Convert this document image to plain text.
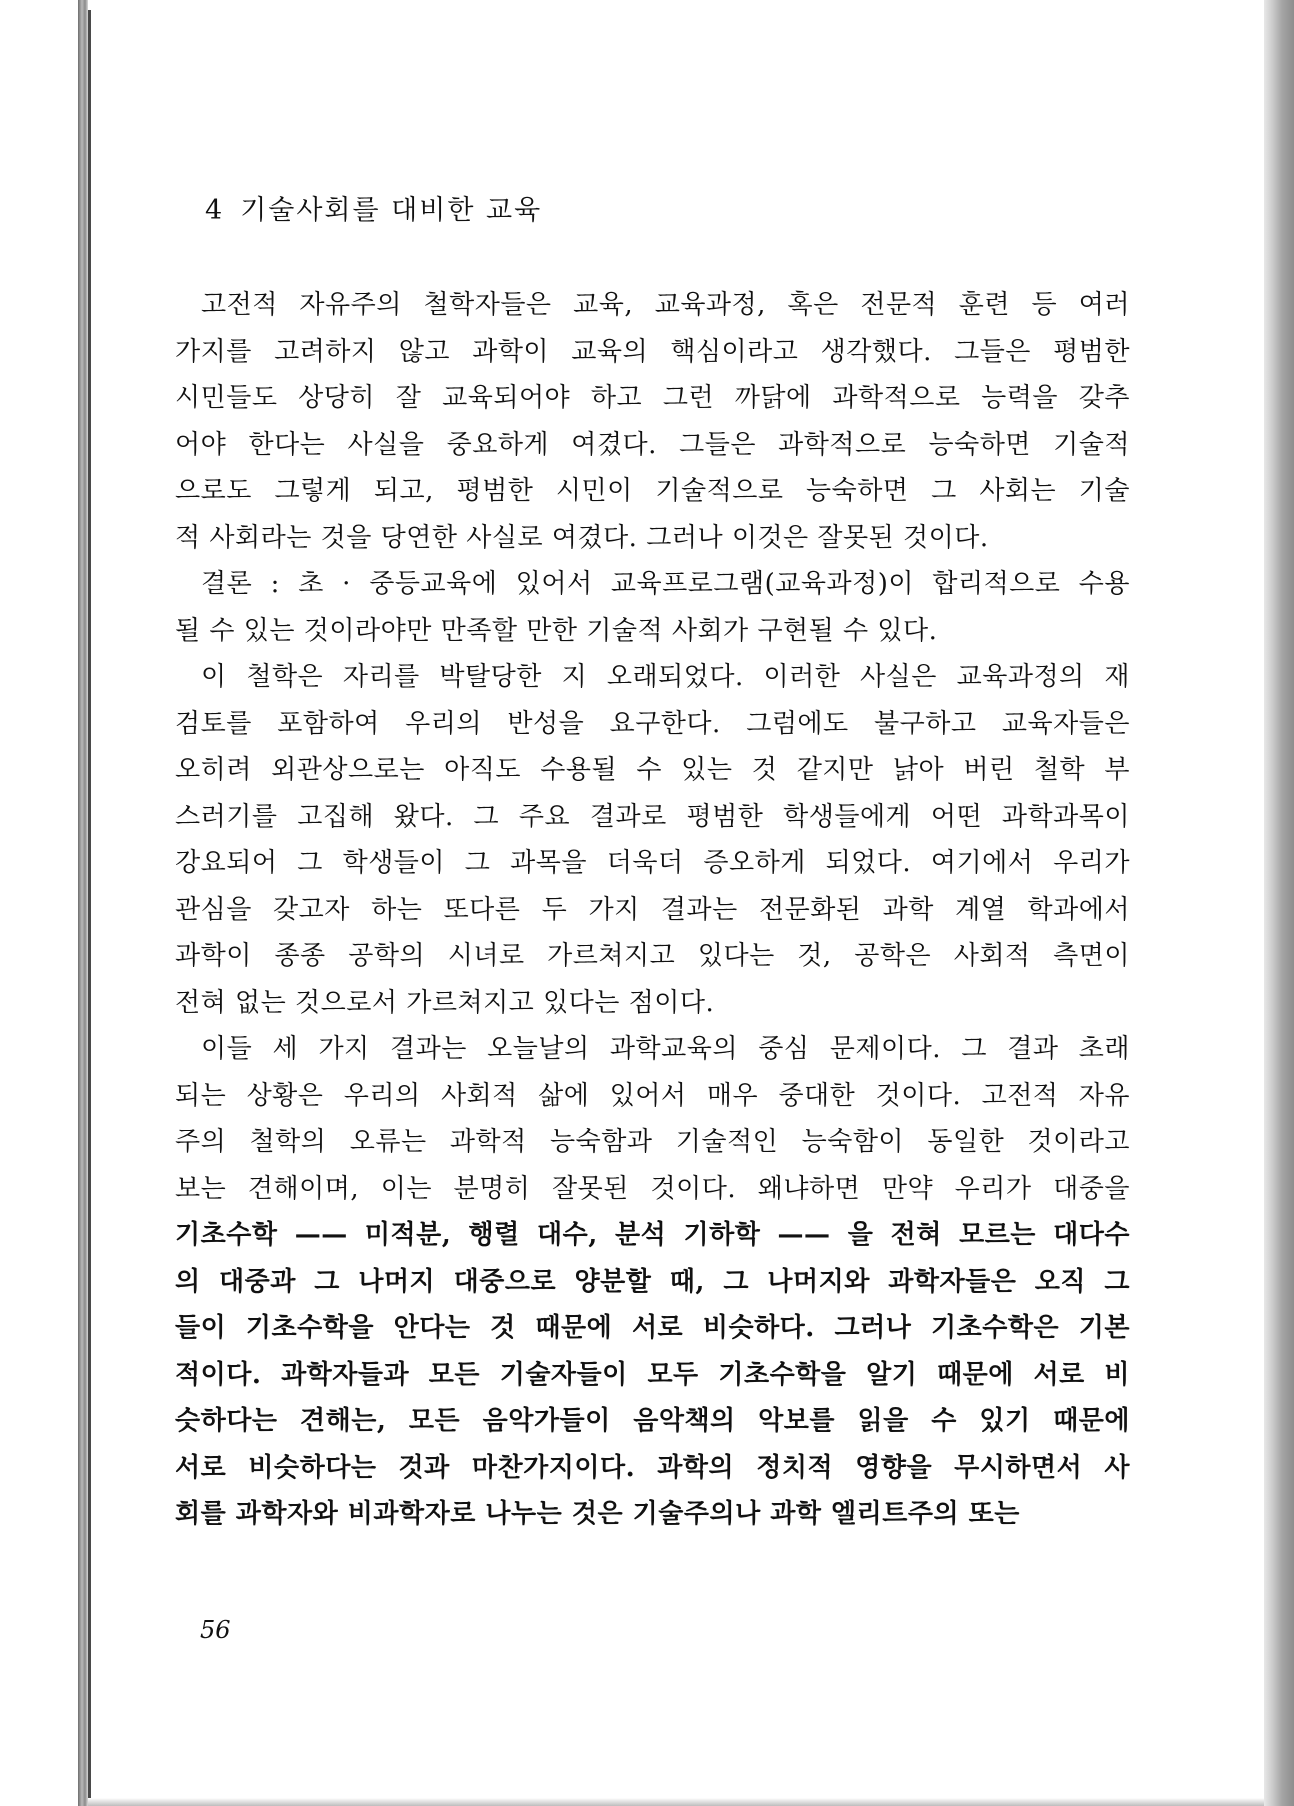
4 기술사회를 대비한 교육
고전적 자유주의 철학자들은 교육, 교육과정, 혹은 전문적 훈련 등 여러
가지를 고려하지 않고 과학이 교육의 핵심이라고 생각했다. 그들은 평범한
시민들도 상당히 잘 교육되어야 하고 그런 까닭에 과학적으로 능력을 갖추
어야 한다는 사실을 중요하게 여겼다. 그들은 과학적으로 능숙하면 기술적
으로도 그렇게 되고, 평범한 시민이 기술적으로 능숙하면 그 사회는 기술
적 사회라는 것을 당연한 사실로 여겼다. 그러나 이것은 잘못된 것이다.
결론 : 초 · 중등교육에 있어서 교육프로그램(교육과정)이 합리적으로 수용
될 수 있는 것이라야만 만족할 만한 기술적 사회가 구현될 수 있다.
이 철학은 자리를 박탈당한 지 오래되었다. 이러한 사실은 교육과정의 재
검토를 포함하여 우리의 반성을 요구한다. 그럼에도 불구하고 교육자들은
오히려 외관상으로는 아직도 수용될 수 있는 것 같지만 낡아 버린 철학 부
스러기를 고집해 왔다. 그 주요 결과로 평범한 학생들에게 어떤 과학과목이
강요되어 그 학생들이 그 과목을 더욱더 증오하게 되었다. 여기에서 우리가
관심을 갖고자 하는 또다른 두 가지 결과는 전문화된 과학 계열 학과에서
과학이 종종 공학의 시녀로 가르쳐지고 있다는 것, 공학은 사회적 측면이
전혀 없는 것으로서 가르쳐지고 있다는 점이다.
이들 세 가지 결과는 오늘날의 과학교육의 중심 문제이다. 그 결과 초래
되는 상황은 우리의 사회적 삶에 있어서 매우 중대한 것이다. 고전적 자유
주의 철학의 오류는 과학적 능숙함과 기술적인 능숙함이 동일한 것이라고
보는 견해이며, 이는 분명히 잘못된 것이다. 왜냐하면 만약 우리가 대중을
기초수학 —— 미적분, 행렬 대수, 분석 기하학 —— 을 전혀 모르는 대다수
의 대중과 그 나머지 대중으로 양분할 때, 그 나머지와 과학자들은 오직 그
들이 기초수학을 안다는 것 때문에 서로 비슷하다. 그러나 기초수학은 기본
적이다. 과학자들과 모든 기술자들이 모두 기초수학을 알기 때문에 서로 비
슷하다는 견해는, 모든 음악가들이 음악책의 악보를 읽을 수 있기 때문에
서로 비슷하다는 것과 마찬가지이다. 과학의 정치적 영향을 무시하면서 사
회를 과학자와 비과학자로 나누는 것은 기술주의나 과학 엘리트주의 또는
56
